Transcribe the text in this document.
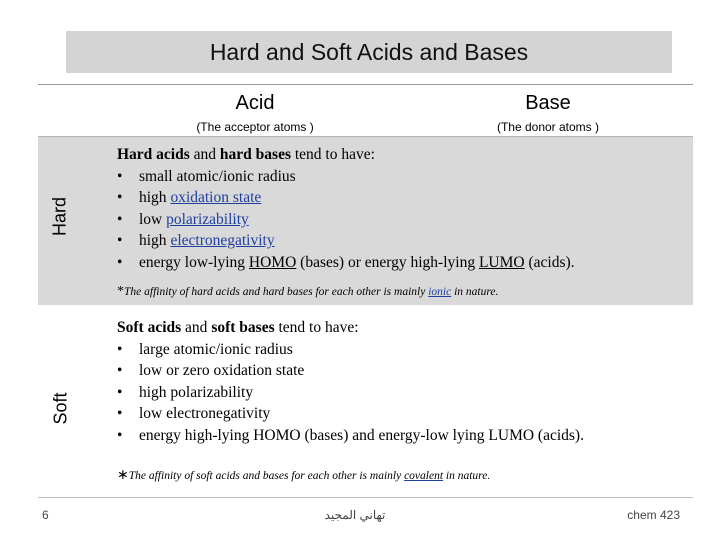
Hard and Soft Acids and Bases
Acid
(The acceptor atoms )
Base
(The donor atoms )
Hard
Soft
Hard acids and hard bases tend to have:
• small atomic/ionic radius
• high oxidation state
• low polarizability
• high electronegativity
• energy low-lying HOMO (bases) or energy high-lying LUMO (acids).
*The affinity of hard acids and hard bases for each other is mainly ionic in nature.
Soft acids and soft bases tend to have:
• large atomic/ionic radius
• low or zero oxidation state
• high polarizability
• low electronegativity
• energy high-lying HOMO (bases) and energy-low lying LUMO (acids).
∗The affinity of soft acids and bases for each other is mainly covalent in nature.
6	تهاني المجيد	chem 423
